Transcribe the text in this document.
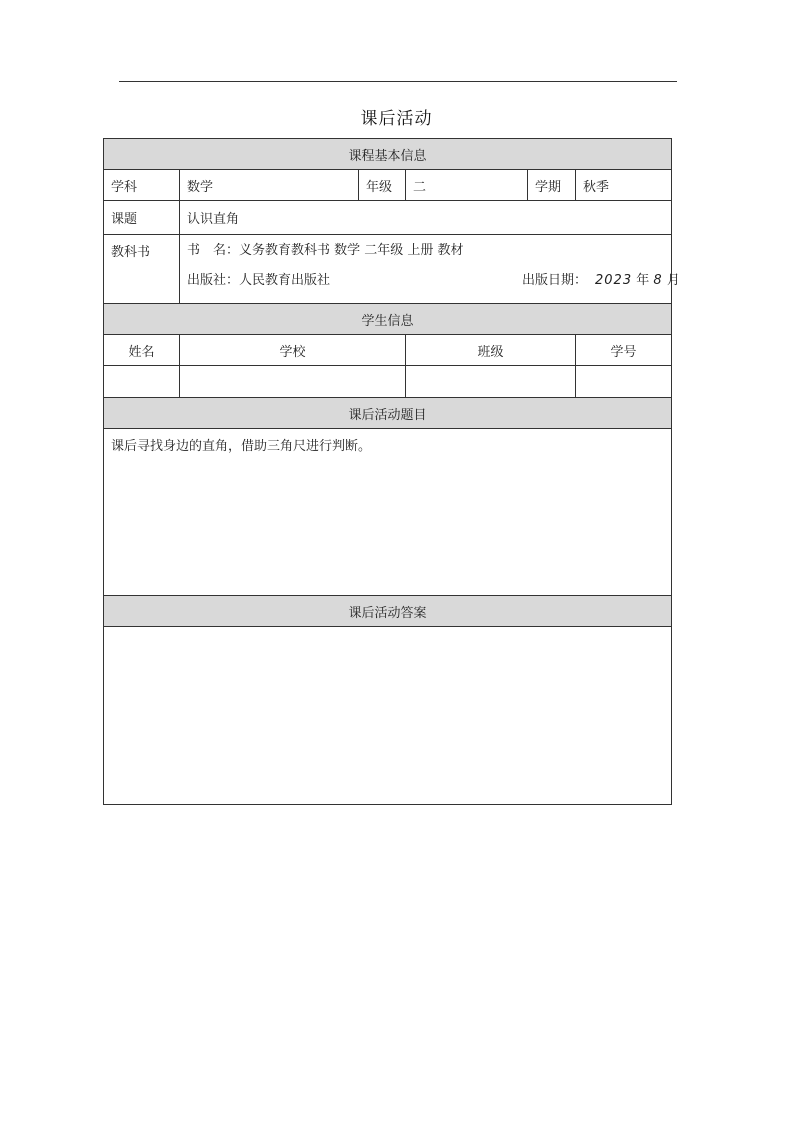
课后活动
课程基本信息					
学科	数学	年级	二	学期	秋季
课题	认识直角				
教科书	书　名：义务教育教科书 数学 二年级 上册 教材
出版社：人民教育出版社 出版日期： 2023 年 8 月				

学生信息					
姓名	学校		班级		学号

课后活动题目					
课后寻找身边的直角，借助三角尺进行判断。					
课后活动答案					
